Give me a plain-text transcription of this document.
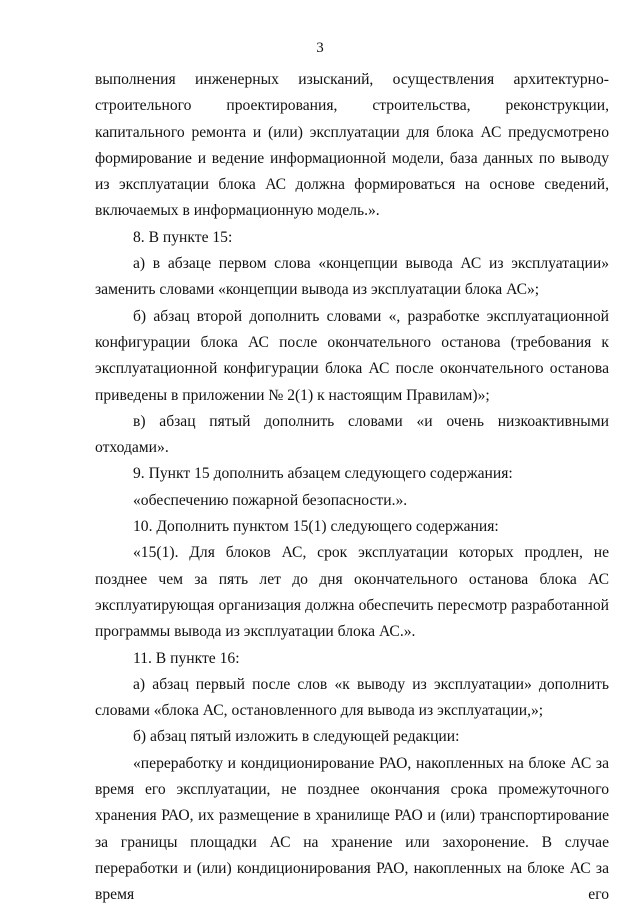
3

выполнения инженерных изысканий, осуществления архитектурно-строительного проектирования, строительства, реконструкции, капитального ремонта и (или) эксплуатации для блока АС предусмотрено формирование и ведение информационной модели, база данных по выводу из эксплуатации блока АС должна формироваться на основе сведений, включаемых в информационную модель.».

8. В пункте 15:

а) в абзаце первом слова «концепции вывода АС из эксплуатации» заменить словами «концепции вывода из эксплуатации блока АС»;

б) абзац второй дополнить словами «, разработке эксплуатационной конфигурации блока АС после окончательного останова (требования к эксплуатационной конфигурации блока АС после окончательного останова приведены в приложении № 2(1) к настоящим Правилам)»;

в) абзац пятый дополнить словами «и очень низкоактивными отходами».

9. Пункт 15 дополнить абзацем следующего содержания:

«обеспечению пожарной безопасности.».

10. Дополнить пунктом 15(1) следующего содержания:

«15(1). Для блоков АС, срок эксплуатации которых продлен, не позднее чем за пять лет до дня окончательного останова блока АС эксплуатирующая организация должна обеспечить пересмотр разработанной программы вывода из эксплуатации блока АС.».

11. В пункте 16:

а) абзац первый после слов «к выводу из эксплуатации» дополнить словами «блока АС, остановленного для вывода из эксплуатации,»;

б) абзац пятый изложить в следующей редакции:

«переработку и кондиционирование РАО, накопленных на блоке АС за время его эксплуатации, не позднее окончания срока промежуточного хранения РАО, их размещение в хранилище РАО и (или) транспортирование за границы площадки АС на хранение или захоронение. В случае переработки и (или) кондиционирования РАО, накопленных на блоке АС за время его
